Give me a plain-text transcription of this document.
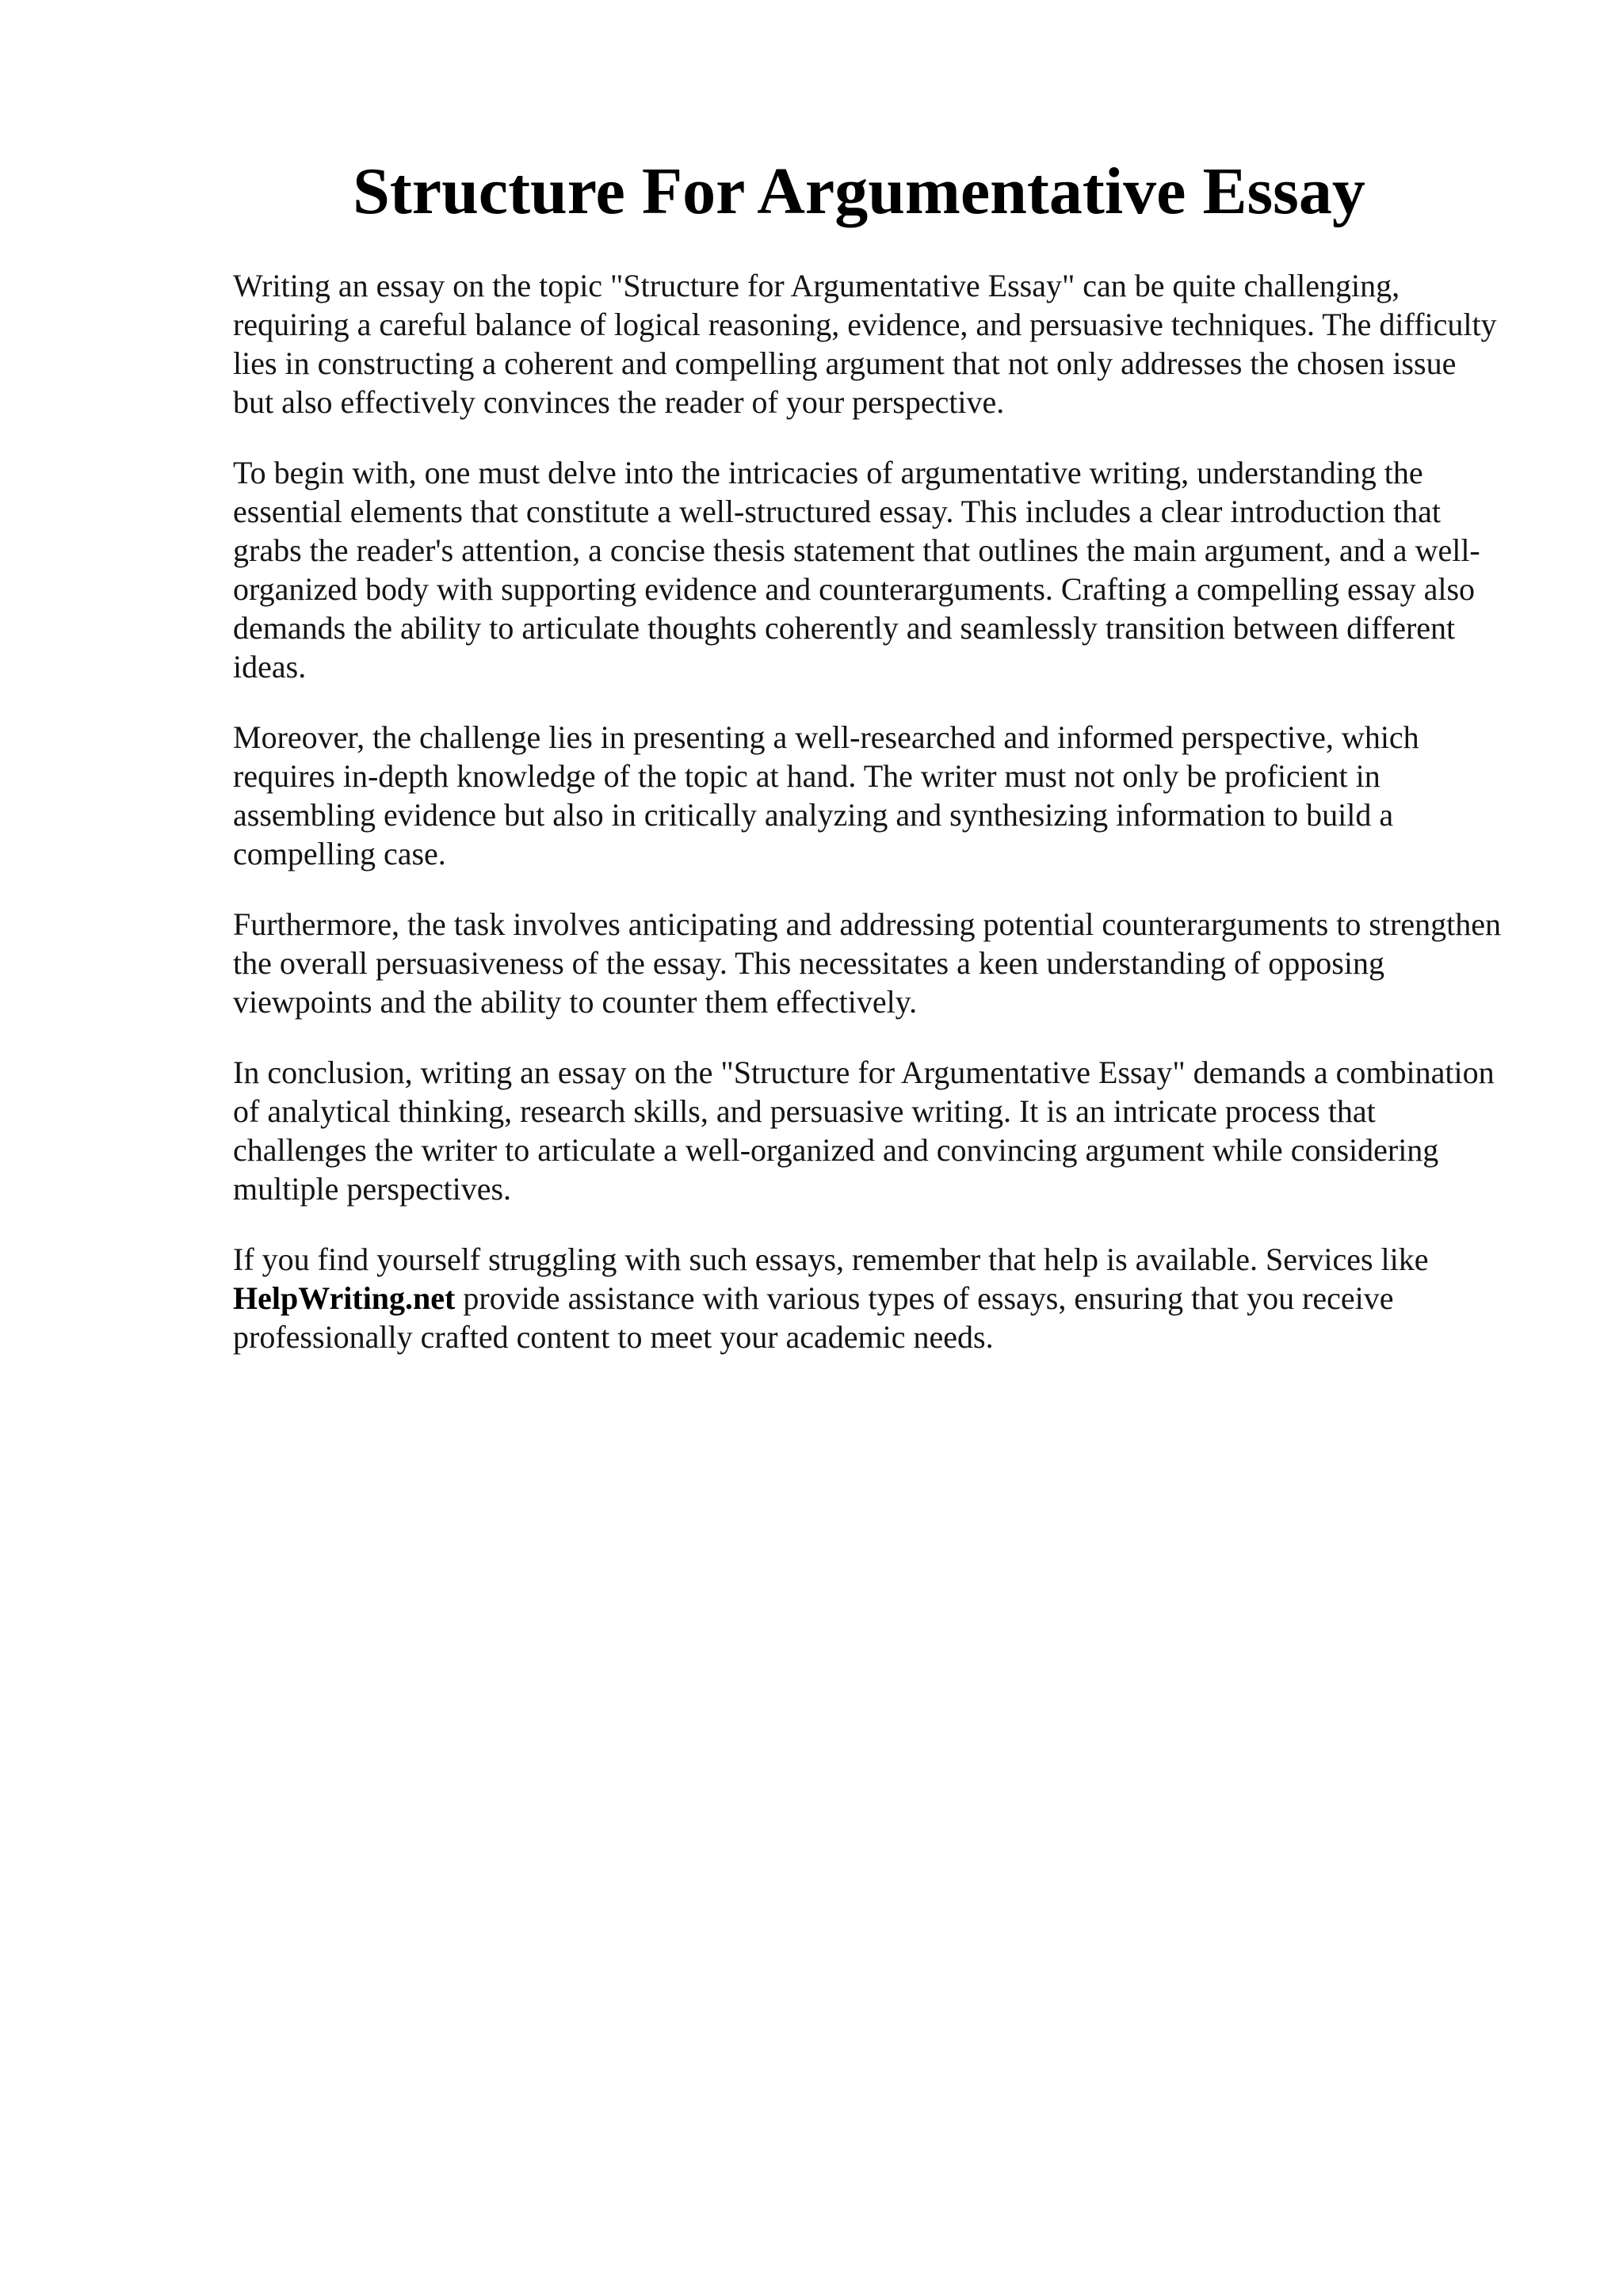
Structure For Argumentative Essay

Writing an essay on the topic "Structure for Argumentative Essay" can be quite challenging, requiring a careful balance of logical reasoning, evidence, and persuasive techniques. The difficulty lies in constructing a coherent and compelling argument that not only addresses the chosen issue but also effectively convinces the reader of your perspective.

To begin with, one must delve into the intricacies of argumentative writing, understanding the essential elements that constitute a well-structured essay. This includes a clear introduction that grabs the reader's attention, a concise thesis statement that outlines the main argument, and a well-organized body with supporting evidence and counterarguments. Crafting a compelling essay also demands the ability to articulate thoughts coherently and seamlessly transition between different ideas.

Moreover, the challenge lies in presenting a well-researched and informed perspective, which requires in-depth knowledge of the topic at hand. The writer must not only be proficient in assembling evidence but also in critically analyzing and synthesizing information to build a compelling case.

Furthermore, the task involves anticipating and addressing potential counterarguments to strengthen the overall persuasiveness of the essay. This necessitates a keen understanding of opposing viewpoints and the ability to counter them effectively.

In conclusion, writing an essay on the "Structure for Argumentative Essay" demands a combination of analytical thinking, research skills, and persuasive writing. It is an intricate process that challenges the writer to articulate a well-organized and convincing argument while considering multiple perspectives.

If you find yourself struggling with such essays, remember that help is available. Services like HelpWriting.net provide assistance with various types of essays, ensuring that you receive professionally crafted content to meet your academic needs.
